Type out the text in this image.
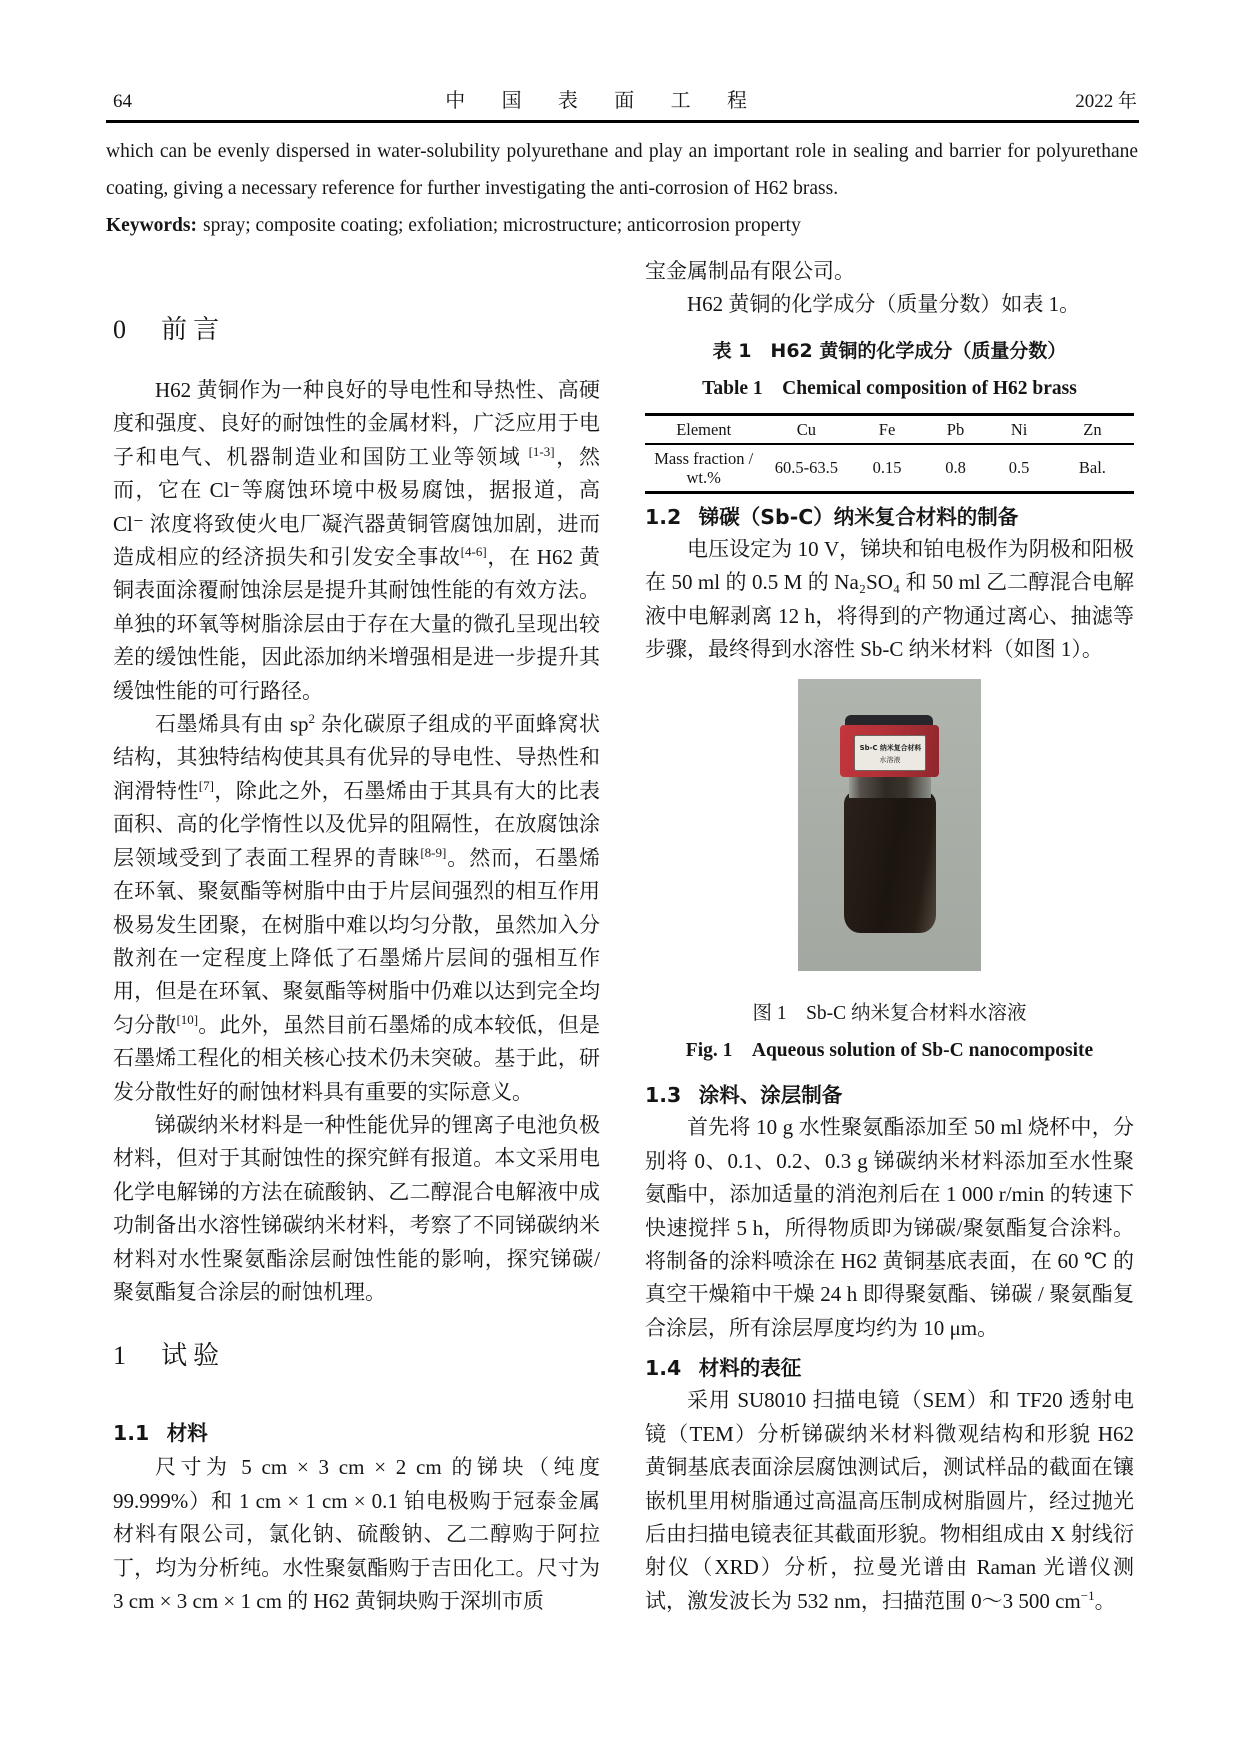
64	中 国 表 面 工 程	2022 年

which can be evenly dispersed in water-solubility polyurethane and play an important role in sealing and barrier for polyurethane coating, giving a necessary reference for further investigating the anti-corrosion of H62 brass.

Keywords: spray; composite coating; exfoliation; microstructure; anticorrosion property

0 前言

H62 黄铜作为一种良好的导电性和导热性、高硬度和强度、良好的耐蚀性的金属材料，广泛应用于电子和电气、机器制造业和国防工业等领域 [1-3]，然而，它在 Cl⁻等腐蚀环境中极易腐蚀，据报道，高 Cl⁻ 浓度将致使火电厂凝汽器黄铜管腐蚀加剧，进而造成相应的经济损失和引发安全事故[4-6]，在 H62 黄铜表面涂覆耐蚀涂层是提升其耐蚀性能的有效方法。单独的环氧等树脂涂层由于存在大量的微孔呈现出较差的缓蚀性能，因此添加纳米增强相是进一步提升其缓蚀性能的可行路径。

石墨烯具有由 $sp^2$ 杂化碳原子组成的平面蜂窝状结构，其独特结构使其具有优异的导电性、导热性和润滑特性[7]，除此之外，石墨烯由于其具有大的比表面积、高的化学惰性以及优异的阻隔性，在放腐蚀涂层领域受到了表面工程界的青睐[8-9]。然而，石墨烯在环氧、聚氨酯等树脂中由于片层间强烈的相互作用极易发生团聚，在树脂中难以均匀分散，虽然加入分散剂在一定程度上降低了石墨烯片层间的强相互作用，但是在环氧、聚氨酯等树脂中仍难以达到完全均匀分散[10]。此外，虽然目前石墨烯的成本较低，但是石墨烯工程化的相关核心技术仍未突破。基于此，研发分散性好的耐蚀材料具有重要的实际意义。

锑碳纳米材料是一种性能优异的锂离子电池负极材料，但对于其耐蚀性的探究鲜有报道。本文采用电化学电解锑的方法在硫酸钠、乙二醇混合电解液中成功制备出水溶性锑碳纳米材料，考察了不同锑碳纳米材料对水性聚氨酯涂层耐蚀性能的影响，探究锑碳/聚氨酯复合涂层的耐蚀机理。

1 试验
1.1 材料

尺寸为 5 cm × 3 cm × 2 cm 的锑块（纯度 99.999%）和 1 cm × 1 cm × 0.1 铂电极购于冠泰金属材料有限公司，氯化钠、硫酸钠、乙二醇购于阿拉丁，均为分析纯。水性聚氨酯购于吉田化工。尺寸为 3 cm × 3 cm × 1 cm 的 H62 黄铜块购于深圳市质

宝金属制品有限公司。

H62 黄铜的化学成分（质量分数）如表 1。

表 1　H62 黄铜的化学成分（质量分数）

Table 1　Chemical composition of H62 brass

Element	Cu	Fe	Pb	Ni	Zn
Mass fraction / wt.%	60.5-63.5	0.15	0.8	0.5	Bal.
1.2 锑碳（Sb-C）纳米复合材料的制备

电压设定为 10 V，锑块和铂电极作为阴极和阳极在 50 ml 的 0.5 M 的 Na₂SO₄ 和 50 ml 乙二醇混合电解液中电解剥离 12 h，将得到的产物通过离心、抽滤等步骤，最终得到水溶性 Sb-C 纳米材料（如图 1）。

Sb-C 纳米复合材料
水溶液

图 1　Sb-C 纳米复合材料水溶液

Fig. 1　Aqueous solution of Sb-C nanocomposite

1.3 涂料、涂层制备

首先将 10 g 水性聚氨酯添加至 50 ml 烧杯中，分别将 0、0.1、0.2、0.3 g 锑碳纳米材料添加至水性聚氨酯中，添加适量的消泡剂后在 1 000 r/min 的转速下快速搅拌 5 h，所得物质即为锑碳/聚氨酯复合涂料。将制备的涂料喷涂在 H62 黄铜基底表面，在 60 ℃ 的真空干燥箱中干燥 24 h 即得聚氨酯、锑碳 / 聚氨酯复合涂层，所有涂层厚度均约为 10 μm。

1.4 材料的表征

采用 SU8010 扫描电镜（SEM）和 TF20 透射电镜（TEM）分析锑碳纳米材料微观结构和形貌 H62 黄铜基底表面涂层腐蚀测试后，测试样品的截面在镶嵌机里用树脂通过高温高压制成树脂圆片，经过抛光后由扫描电镜表征其截面形貌。物相组成由 X 射线衍射仪（XRD）分析，拉曼光谱由 Raman 光谱仪测试，激发波长为 532 nm，扫描范围 0～3 500 $cm^{-1}$。
